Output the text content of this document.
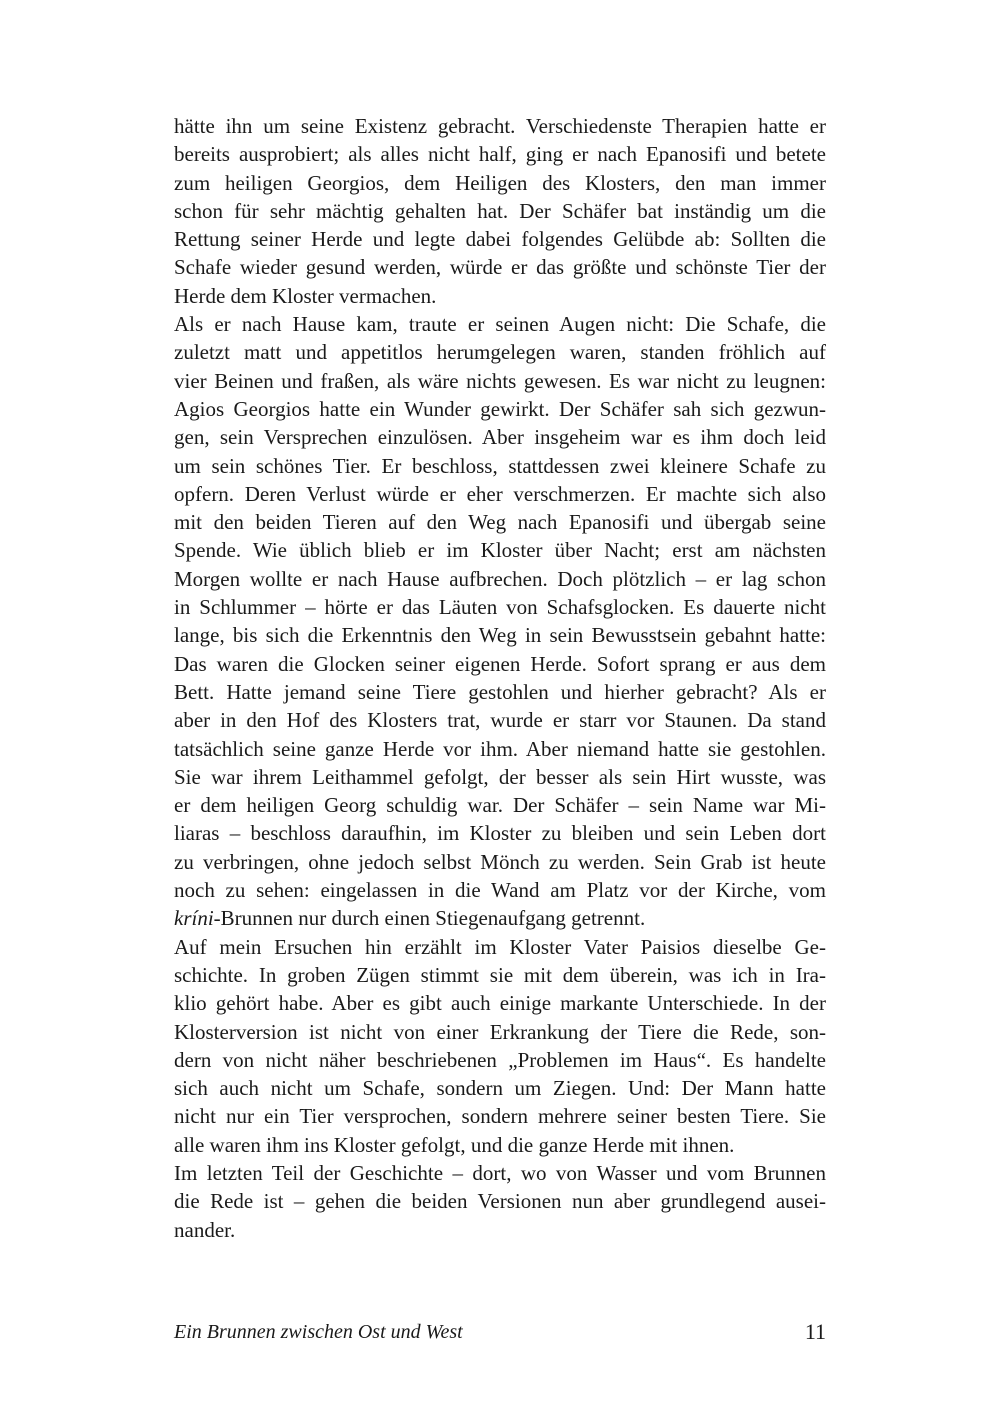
hätte ihn um seine Existenz gebracht. Verschiedenste Therapien hatte er
bereits ausprobiert; als alles nicht half, ging er nach Epanosifi und betete
zum heiligen Georgios, dem Heiligen des Klosters, den man immer
schon für sehr mächtig gehalten hat. Der Schäfer bat inständig um die
Rettung seiner Herde und legte dabei folgendes Gelübde ab: Sollten die
Schafe wieder gesund werden, würde er das größte und schönste Tier der
Herde dem Kloster vermachen.

Als er nach Hause kam, traute er seinen Augen nicht: Die Schafe, die
zuletzt matt und appetitlos herumgelegen waren, standen fröhlich auf
vier Beinen und fraßen, als wäre nichts gewesen. Es war nicht zu leugnen:
Agios Georgios hatte ein Wunder gewirkt. Der Schäfer sah sich gezwun-
gen, sein Versprechen einzulösen. Aber insgeheim war es ihm doch leid
um sein schönes Tier. Er beschloss, stattdessen zwei kleinere Schafe zu
opfern. Deren Verlust würde er eher verschmerzen. Er machte sich also
mit den beiden Tieren auf den Weg nach Epanosifi und übergab seine
Spende. Wie üblich blieb er im Kloster über Nacht; erst am nächsten
Morgen wollte er nach Hause aufbrechen. Doch plötzlich – er lag schon
in Schlummer – hörte er das Läuten von Schafsglocken. Es dauerte nicht
lange, bis sich die Erkenntnis den Weg in sein Bewusstsein gebahnt hatte:
Das waren die Glocken seiner eigenen Herde. Sofort sprang er aus dem
Bett. Hatte jemand seine Tiere gestohlen und hierher gebracht? Als er
aber in den Hof des Klosters trat, wurde er starr vor Staunen. Da stand
tatsächlich seine ganze Herde vor ihm. Aber niemand hatte sie gestohlen.
Sie war ihrem Leithammel gefolgt, der besser als sein Hirt wusste, was
er dem heiligen Georg schuldig war. Der Schäfer – sein Name war Mi-
liaras – beschloss daraufhin, im Kloster zu bleiben und sein Leben dort
zu verbringen, ohne jedoch selbst Mönch zu werden. Sein Grab ist heute
noch zu sehen: eingelassen in die Wand am Platz vor der Kirche, vom
kríni-Brunnen nur durch einen Stiegenaufgang getrennt.

Auf mein Ersuchen hin erzählt im Kloster Vater Paisios dieselbe Ge-
schichte. In groben Zügen stimmt sie mit dem überein, was ich in Ira-
klio gehört habe. Aber es gibt auch einige markante Unterschiede. In der
Klosterversion ist nicht von einer Erkrankung der Tiere die Rede, son-
dern von nicht näher beschriebenen „Problemen im Haus“. Es handelte
sich auch nicht um Schafe, sondern um Ziegen. Und: Der Mann hatte
nicht nur ein Tier versprochen, sondern mehrere seiner besten Tiere. Sie
alle waren ihm ins Kloster gefolgt, und die ganze Herde mit ihnen.

Im letzten Teil der Geschichte – dort, wo von Wasser und vom Brunnen
die Rede ist – gehen die beiden Versionen nun aber grundlegend ausei-
nander.

Ein Brunnen zwischen Ost und West	11
